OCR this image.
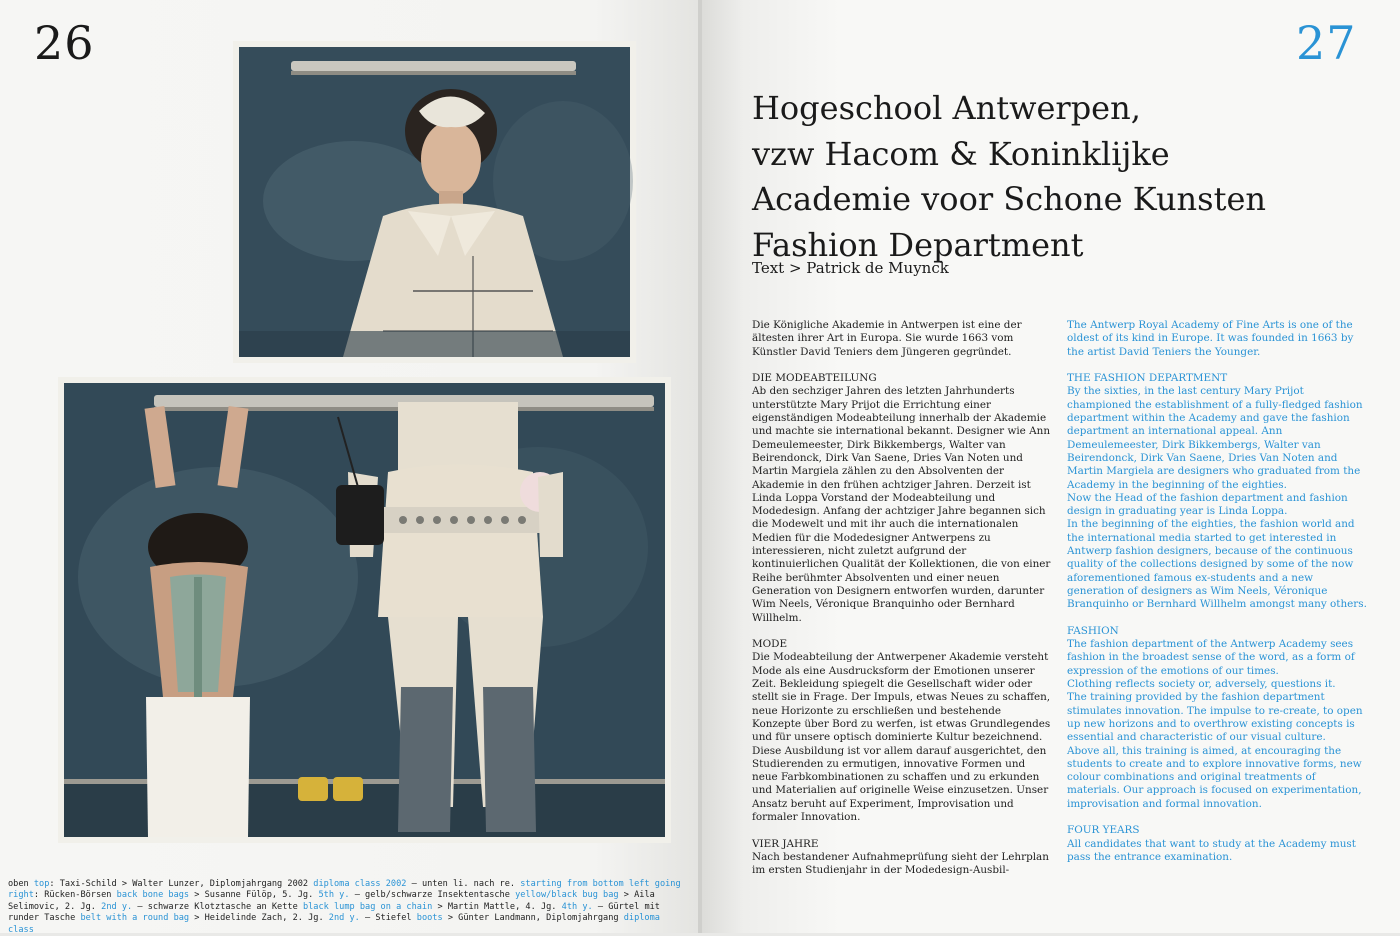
26
oben top: Taxi-Schild > Walter Lunzer, Diplomjahrgang 2002 diploma class 2002 – unten li. nach re. starting from bottom left going right: Rücken-Börsen back bone bags > Susanne Fülöp, 5. Jg. 5th y. – gelb/schwarze Insektentasche yellow/black bug bag > Aila Selimovic, 2. Jg. 2nd y. – schwarze Klotztasche an Kette black lump bag on a chain > Martin Mattle, 4. Jg. 4th y. – Gürtel mit runder Tasche belt with a round bag > Heidelinde Zach, 2. Jg. 2nd y. – Stiefel boots > Günter Landmann, Diplomjahrgang diploma class
27
Hogeschool Antwerpen,
vzw Hacom & Koninklijke
Academie voor Schone Kunsten
Fashion Department
Text > Patrick de Muynck

Die Königliche Akademie in Antwerpen ist eine der ältesten ihrer Art in Europa. Sie wurde 1663 vom Künstler David Teniers dem Jüngeren gegründet.

DIE MODEABTEILUNG
Ab den sechziger Jahren des letzten Jahrhunderts unterstützte Mary Prijot die Errichtung einer eigenständigen Modeabteilung innerhalb der Akademie und machte sie international bekannt. Designer wie Ann Demeulemeester, Dirk Bikkembergs, Walter van Beirendonck, Dirk Van Saene, Dries Van Noten und Martin Margiela zählen zu den Absolventen der Akademie in den frühen achtziger Jahren. Derzeit ist Linda Loppa Vorstand der Modeabteilung und Modedesign. Anfang der achtziger Jahre begannen sich die Modewelt und mit ihr auch die internationalen Medien für die Modedesigner Antwerpens zu interessieren, nicht zuletzt aufgrund der kontinuierlichen Qualität der Kollektionen, die von einer Reihe berühmter Absolventen und einer neuen Generation von Designern entworfen wurden, darunter Wim Neels, Véronique Branquinho oder Bernhard Willhelm.
MODE
Die Modeabteilung der Antwerpener Akademie versteht Mode als eine Ausdrucksform der Emotionen unserer Zeit. Bekleidung spiegelt die Gesellschaft wider oder stellt sie in Frage. Der Impuls, etwas Neues zu schaffen, neue Horizonte zu erschließen und bestehende Konzepte über Bord zu werfen, ist etwas Grundlegendes und für unsere optisch dominierte Kultur bezeichnend. Diese Ausbildung ist vor allem darauf ausgerichtet, den Studierenden zu ermutigen, innovative Formen und neue Farbkombinationen zu schaffen und zu erkunden und Materialien auf originelle Weise einzusetzen. Unser Ansatz beruht auf Experiment, Improvisation und formaler Innovation.
VIER JAHRE
Nach bestandener Aufnahmeprüfung sieht der Lehrplan im ersten Studienjahr in der Modedesign-Ausbil-

The Antwerp Royal Academy of Fine Arts is one of the oldest of its kind in Europe. It was founded in 1663 by the artist David Teniers the Younger.

THE FASHION DEPARTMENT
By the sixties, in the last century Mary Prijot championed the establishment of a fully-fledged fashion department within the Academy and gave the fashion department an international appeal. Ann Demeulemeester, Dirk Bikkembergs, Walter van Beirendonck, Dirk Van Saene, Dries Van Noten and Martin Margiela are designers who graduated from the Academy in the beginning of the eighties.
Now the Head of the fashion department and fashion design in graduating year is Linda Loppa.
In the beginning of the eighties, the fashion world and the international media started to get interested in Antwerp fashion designers, because of the continuous quality of the collections designed by some of the now aforementioned famous ex-students and a new generation of designers as Wim Neels, Véronique Branquinho or Bernhard Willhelm amongst many others.
FASHION
The fashion department of the Antwerp Academy sees fashion in the broadest sense of the word, as a form of expression of the emotions of our times.
Clothing reflects society or, adversely, questions it.
The training provided by the fashion department stimulates innovation. The impulse to re-create, to open up new horizons and to overthrow existing concepts is essential and characteristic of our visual culture.
Above all, this training is aimed, at encouraging the students to create and to explore innovative forms, new colour combinations and original treatments of materials. Our approach is focused on experimentation, improvisation and formal innovation.
FOUR YEARS
All candidates that want to study at the Academy must pass the entrance examination.
